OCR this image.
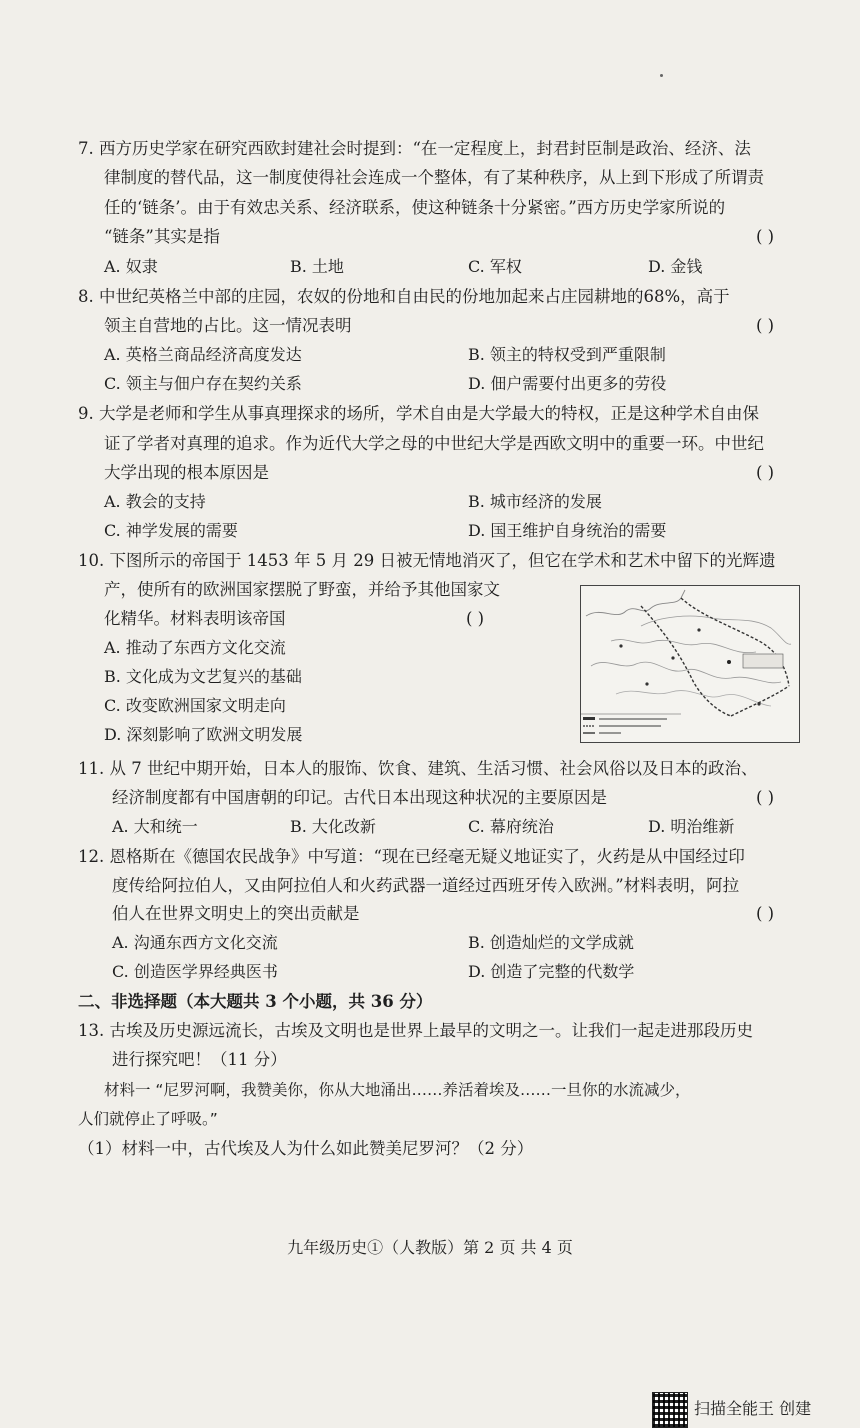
7. 西方历史学家在研究西欧封建社会时提到：“在一定程度上，封君封臣制是政治、经济、法
律制度的替代品，这一制度使得社会连成一个整体，有了某种秩序，从上到下形成了所谓责
任的‘链条’。由于有效忠关系、经济联系，使这种链条十分紧密。”西方历史学家所说的
“链条”其实是指	( )
A. 奴隶	B. 土地	C. 军权	D. 金钱
8. 中世纪英格兰中部的庄园，农奴的份地和自由民的份地加起来占庄园耕地的68%，高于
领主自营地的占比。这一情况表明	( )
A. 英格兰商品经济高度发达	B. 领主的特权受到严重限制
C. 领主与佃户存在契约关系	D. 佃户需要付出更多的劳役
9. 大学是老师和学生从事真理探求的场所，学术自由是大学最大的特权，正是这种学术自由保
证了学者对真理的追求。作为近代大学之母的中世纪大学是西欧文明中的重要一环。中世纪
大学出现的根本原因是	( )
A. 教会的支持	B. 城市经济的发展
C. 神学发展的需要	D. 国王维护自身统治的需要
10. 下图所示的帝国于 1453 年 5 月 29 日被无情地消灭了，但它在学术和艺术中留下的光辉遗
产，使所有的欧洲国家摆脱了野蛮，并给予其他国家文
化精华。材料表明该帝国	( )
A. 推动了东西方文化交流
B. 文化成为文艺复兴的基础
C. 改变欧洲国家文明走向
D. 深刻影响了欧洲文明发展
11. 从 7 世纪中期开始，日本人的服饰、饮食、建筑、生活习惯、社会风俗以及日本的政治、
经济制度都有中国唐朝的印记。古代日本出现这种状况的主要原因是	( )
A. 大和统一	B. 大化改新	C. 幕府统治	D. 明治维新
12. 恩格斯在《德国农民战争》中写道：“现在已经毫无疑义地证实了，火药是从中国经过印
度传给阿拉伯人，又由阿拉伯人和火药武器一道经过西班牙传入欧洲。”材料表明，阿拉
伯人在世界文明史上的突出贡献是	( )
A. 沟通东西方文化交流	B. 创造灿烂的文学成就
C. 创造医学界经典医书	D. 创造了完整的代数学
二、非选择题（本大题共 3 个小题，共 36 分）
13. 古埃及历史源远流长，古埃及文明也是世界上最早的文明之一。让我们一起走进那段历史
进行探究吧！（11 分）
材料一 “尼罗河啊，我赞美你，你从大地涌出……养活着埃及……一旦你的水流减少，
人们就停止了呼吸。”
（1）材料一中，古代埃及人为什么如此赞美尼罗河？（2 分）
九年级历史①（人教版）第 2 页 共 4 页
扫描全能王 创建
